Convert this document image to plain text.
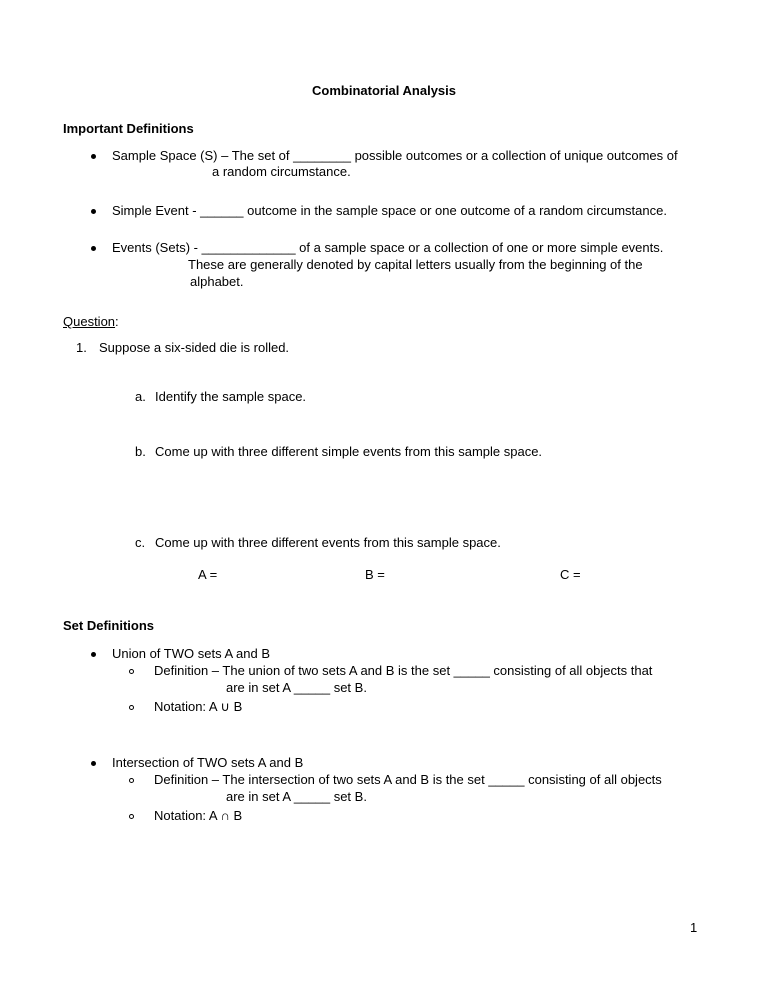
Combinatorial Analysis
Important Definitions
Sample Space (S) – The set of ________ possible outcomes or a collection of unique outcomes of
a random circumstance.
Simple Event - ______ outcome in the sample space or one outcome of a random circumstance.
Events (Sets) - _____________ of a sample space or a collection of one or more simple events.
These are generally denoted by capital letters usually from the beginning of the
alphabet.
Question:
1. Suppose a six-sided die is rolled.
a. Identify the sample space.
b. Come up with three different simple events from this sample space.
c. Come up with three different events from this sample space.
A =	B =	C =
Set Definitions
Union of TWO sets A and B
Definition – The union of two sets A and B is the set _____ consisting of all objects that
are in set A _____ set B.
Notation: A ∪ B
Intersection of TWO sets A and B
Definition – The intersection of two sets A and B is the set _____ consisting of all objects
are in set A _____ set B.
Notation: A ∩ B
1
